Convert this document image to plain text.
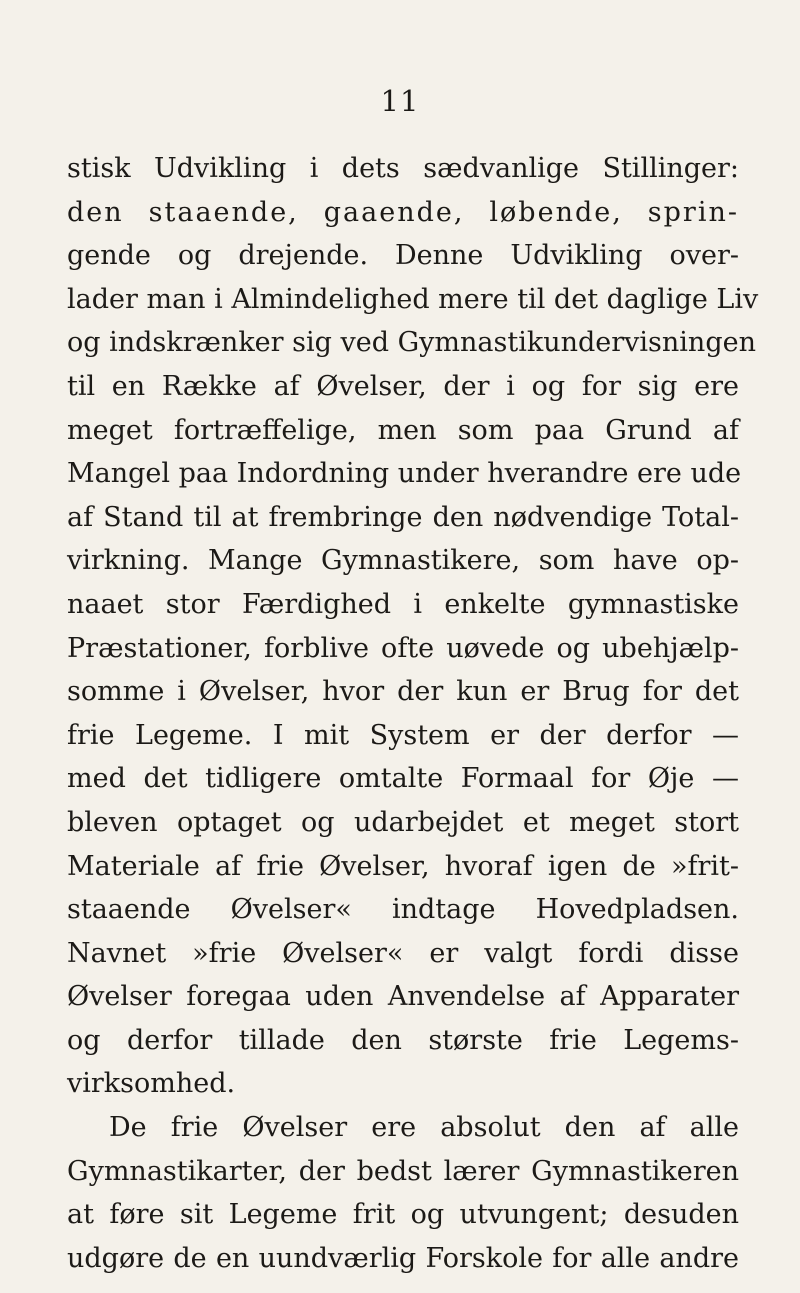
11
stisk Udvikling i dets sædvanlige Stillinger:
den staaende, gaaende, løbende, sprin-
gende og drejende. Denne Udvikling over-
lader man i Almindelighed mere til det daglige Liv
og indskrænker sig ved Gymnastikundervisningen
til en Række af Øvelser, der i og for sig ere
meget fortræffelige, men som paa Grund af
Mangel paa Indordning under hverandre ere ude
af Stand til at frembringe den nødvendige Total-
virkning. Mange Gymnastikere, som have op-
naaet stor Færdighed i enkelte gymnastiske
Præstationer, forblive ofte uøvede og ubehjælp-
somme i Øvelser, hvor der kun er Brug for det
frie Legeme. I mit System er der derfor —
med det tidligere omtalte Formaal for Øje —
bleven optaget og udarbejdet et meget stort
Materiale af frie Øvelser, hvoraf igen de »frit-
staaende Øvelser« indtage Hovedpladsen.
Navnet »frie Øvelser« er valgt fordi disse
Øvelser foregaa uden Anvendelse af Apparater
og derfor tillade den største frie Legems-
virksomhed.
De frie Øvelser ere absolut den af alle
Gymnastikarter, der bedst lærer Gymnastikeren
at føre sit Legeme frit og utvungent; desuden
udgøre de en uundværlig Forskole for alle andre
